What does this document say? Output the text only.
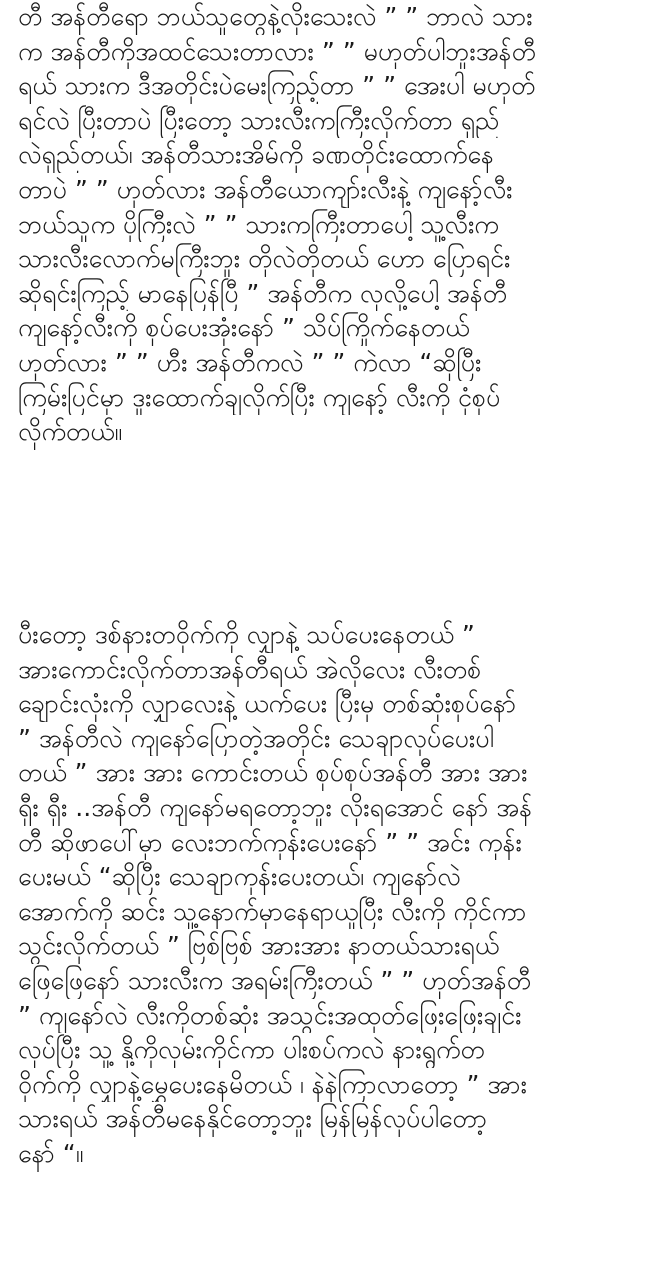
တီ အန်တီရော ဘယ်သူတွေနဲ့လိုးသေးလဲ ” ” ဘာလဲ သား
က အန်တီကိုအထင်သေးတာလား ” ” မဟုတ်ပါဘူးအန်တီ
ရယ် သားက ဒီအတိုင်းပဲမေးကြည့်တာ ” ” အေးပါ မဟုတ်
ရင်လဲ ပြီးတာပဲ ပြီးတော့ သားလီးကကြီးလိုက်တာ ရှည်
လဲရှည်တယ်၊ အန်တီသားအိမ်ကို ခဏတိုင်းထောက်နေ
တာပဲ ” ” ဟုတ်လား အန်တီယောကျာ်းလီးနဲ့ ကျနော့်လီး
ဘယ်သူက ပိုကြီးလဲ ” ” သားကကြီးတာပေါ့ သူ့လီးက
သားလီးလောက်မကြီးဘူး တိုလဲတိုတယ် ဟော ပြောရင်း
ဆိုရင်းကြည့် မာနေပြန်ပြီ ” အန်တီက လှလို့ပေါ့ အန်တီ
ကျနော့်လီးကို စုပ်ပေးအုံးနော် ” သိပ်ကြိုက်နေတယ်
ဟုတ်လား ” ” ဟီး အန်တီကလဲ ” ” ကဲလာ “ဆိုပြီး
ကြမ်းပြင်မှာ ဒူးထောက်ချလိုက်ပြီး ကျနော့် လီးကို ငုံစုပ်
လိုက်တယ်။

ပီးတော့ ဒစ်နားတဝိုက်ကို လျှာနဲ့ သပ်ပေးနေတယ် ”
အားကောင်းလိုက်တာအန်တီရယ် အဲလိုလေး လီးတစ်
ချောင်းလုံးကို လျှာလေးနဲ့ ယက်ပေး ပြီးမှ တစ်ဆုံးစုပ်နော်
” အန်တီလဲ ကျနော်ပြောတဲ့အတိုင်း သေချာလုပ်ပေးပါ
တယ် ” အား အား ကောင်းတယ် စုပ်စုပ်အန်တီ အား အား
ရှီး ရှီး ..အန်တီ ကျနော်မရတော့ဘူး လိုးရအောင် နော် အန်
တီ ဆိုဖာပေါ်မှာ လေးဘက်ကုန်းပေးနော် ” ” အင်း ကုန်း
ပေးမယ် “ဆိုပြီး သေချာကုန်းပေးတယ်၊ ကျနော်လဲ
အောက်ကို ဆင်း သူ့နောက်မှာနေရာယူပြီး လီးကို ကိုင်ကာ
သွင်းလိုက်တယ် ” ဗြစ်ဗြစ် အားအား နာတယ်သားရယ်
ဖြေဖြေနော် သားလီးက အရမ်းကြီးတယ် ” ” ဟုတ်အန်တီ
” ကျနော်လဲ လီးကိုတစ်ဆုံး အသွင်းအထုတ်ဖြေးဖြေးချင်း
လုပ်ပြီး သူ့ နို့ကိုလှမ်းကိုင်ကာ ပါးစပ်ကလဲ နားရွက်တ
ဝိုက်ကို လျှာနဲ့မွှေပေးနေမိတယ် ၊ နဲနဲကြာလာတော့ ” အား
သားရယ် အန်တီမနေနိုင်တော့ဘူး မြန်မြန်လုပ်ပါတော့
နော် “။
